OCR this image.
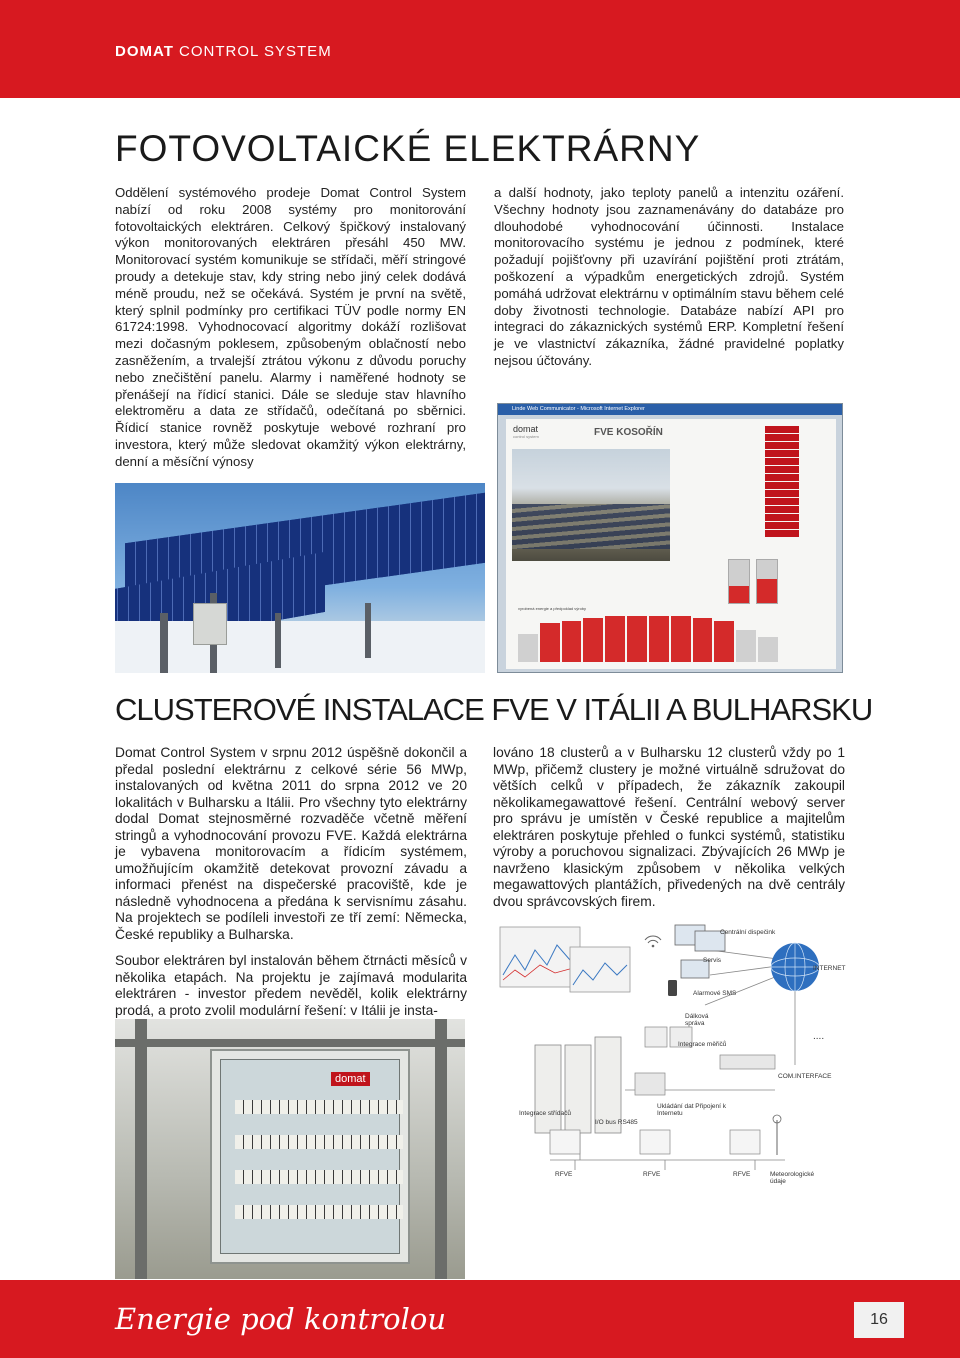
DOMAT CONTROL SYSTEM
FOTOVOLTAICKÉ ELEKTRÁRNY

Oddělení systémového prodeje Domat Control System nabízí od roku 2008 systémy pro monitorování fotovoltaických elektráren. Celkový špičkový instalovaný výkon monitorovaných elektráren přesáhl 450 MW. Monitorovací systém komunikuje se střídači, měří stringové proudy a detekuje stav, kdy string nebo jiný celek dodává méně proudu, než se očekává. Systém je první na světě, který splnil podmínky pro certifikaci TÜV podle normy EN 61724:1998. Vyhodnocovací algoritmy dokáží rozlišovat mezi dočasným poklesem, způsobeným oblačností nebo zasněžením, a trvalejší ztrátou výkonu z důvodu poruchy nebo znečištění panelu. Alarmy i naměřené hodnoty se přenášejí na řídicí stanici. Dále se sleduje stav hlavního elektroměru a data ze střídačů, odečítaná po sběrnici. Řídicí stanice rovněž poskytuje webové rozhraní pro investora, který může sledovat okamžitý výkon elektrárny, denní a měsíční výnosy

a další hodnoty, jako teploty panelů a intenzitu ozáření. Všechny hodnoty jsou zaznamenávány do databáze pro dlouhodobé vyhodnocování účinnosti. Instalace monitorovacího systému je jednou z podmínek, které požadují pojišťovny při uzavírání pojištění proti ztrátám, poškození a výpadkům energetických zdrojů. Systém pomáhá udržovat elektrárnu v optimálním stavu během celé doby životnosti technologie. Databáze nabízí API pro integraci do zákaznických systémů ERP. Kompletní řešení je ve vlastnictví zákazníka, žádné pravidelné poplatky nejsou účtovány.

Linde Web Communicator - Microsoft Internet Explorer
domat
control system	FVE KOSOŘÍN
vyrobená energie a předpoklad výroby
CLUSTEROVÉ INSTALACE FVE V ITÁLII A BULHARSKU

Domat Control System v srpnu 2012 úspěšně dokončil a předal poslední elektrárnu z celkové série 56 MWp, instalovaných od května 2011 do srpna 2012 ve 20 lokalitách v Bulharsku a Itálii. Pro všechny tyto elektrárny dodal Domat stejnosměrné rozvaděče včetně měření stringů a vyhodnocování provozu FVE. Každá elektrárna je vybavena monitorovacím a řídicím systémem, umožňujícím okamžitě detekovat provozní závadu a informaci přenést na dispečerské pracoviště, kde je následně vyhodnocena a předána k servisnímu zásahu. Na projektech se podíleli investoři ze tří zemí: Německa, České republiky a Bulharska.

Soubor elektráren byl instalován během čtrnácti měsíců v několika etapách. Na projektu je zajímavá modularita elektráren - investor předem nevěděl, kolik elektrárny prodá, a proto zvolil modulární řešení: v Itálii je insta-

lováno 18 clusterů a v Bulharsku 12 clusterů vždy po 1 MWp, přičemž clustery je možné virtuálně sdružovat do větších celků v případech, že zákazník zakoupil několikamegawattové řešení. Centrální webový server pro správu je umístěn v České republice a majitelům elektráren poskytuje přehled o funkci systémů, statistiku výroby a poruchovou signalizaci. Zbývajících 26 MWp je navrženo klasickým způsobem v několika velkých megawattových plantážích, přivedených na dvě centrály dvou správcovských firem.

domat
Centrální dispečink
Servis
INTERNET
Alarmové SMS
Dálková správa
Integrace měřičů
....
COM.INTERFACE
Integrace střídačů
Ukládání dat Připojení k Internetu
I/O bus RS485
RFVE	RFVE	RFVE	Meteorologické údaje
Energie pod kontrolou	16
